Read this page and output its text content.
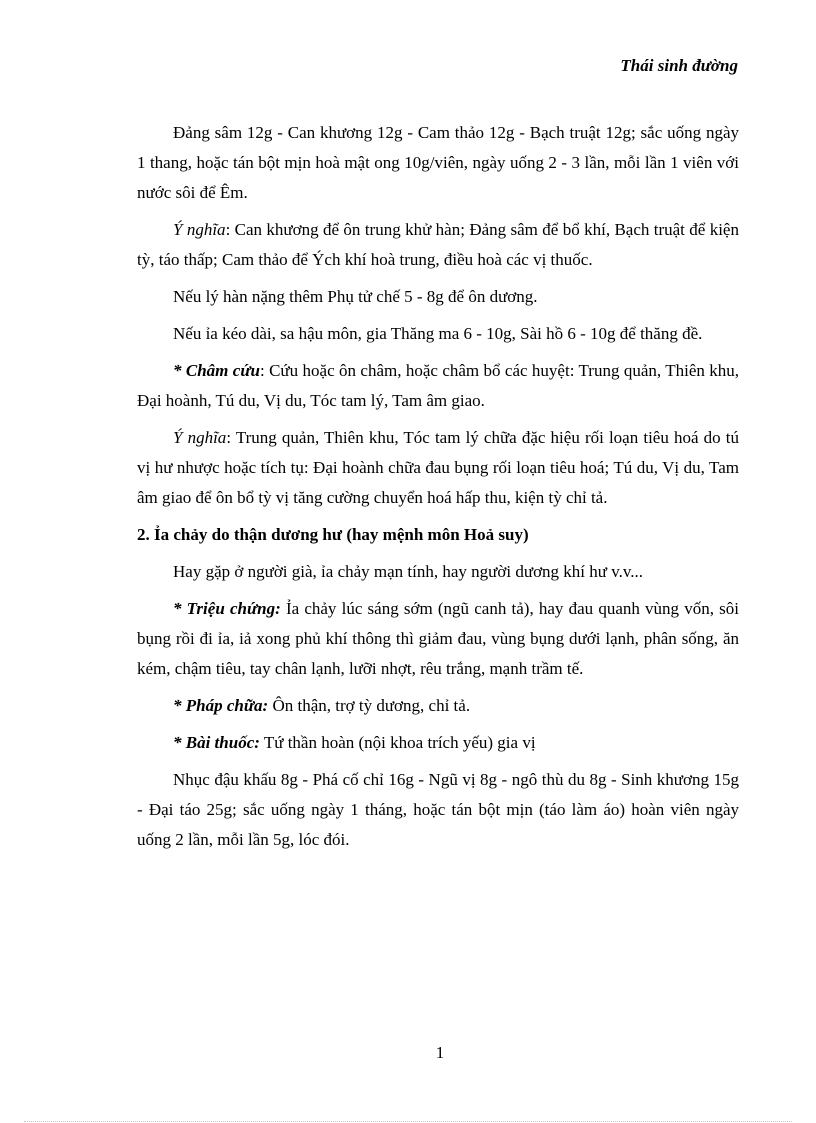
Thái sinh đường

Đảng sâm 12g - Can khương 12g - Cam thảo 12g - Bạch truật 12g; sắc uống ngày 1 thang, hoặc tán bột mịn hoà mật ong 10g/viên, ngày uống 2 - 3 lần, mỗi lần 1 viên với nước sôi để Êm.

Ý nghĩa: Can khương để ôn trung khử hàn; Đảng sâm để bổ khí, Bạch truật để kiện tỳ, táo thấp; Cam thảo để Ých khí hoà trung, điều hoà các vị thuốc.

Nếu lý hàn nặng thêm Phụ tử chế 5 - 8g để ôn dương.

Nếu ỉa kéo dài, sa hậu môn, gia Thăng ma 6 - 10g, Sài hồ 6 - 10g để thăng đề.

* Châm cứu: Cứu hoặc ôn châm, hoặc châm bổ các huyệt: Trung quản, Thiên khu, Đại hoành, Tú du, Vị du, Tóc tam lý, Tam âm giao.

Ý nghĩa: Trung quản, Thiên khu, Tóc tam lý chữa đặc hiệu rối loạn tiêu hoá do tú vị hư nhược hoặc tích tụ: Đại hoành chữa đau bụng rối loạn tiêu hoá; Tú du, Vị du, Tam âm giao để ôn bổ tỳ vị tăng cường chuyển hoá hấp thu, kiện tỳ chỉ tả.

2. Ỉa chảy do thận dương hư (hay mệnh môn Hoả suy)

Hay gặp ở người già, ỉa chảy mạn tính, hay người dương khí hư v.v...

* Triệu chứng: Ỉa chảy lúc sáng sớm (ngũ canh tả), hay đau quanh vùng vốn, sôi bụng rồi đi ỉa, iả xong phủ khí thông thì giảm đau, vùng bụng dưới lạnh, phân sống, ăn kém, chậm tiêu, tay chân lạnh, lưỡi nhợt, rêu trắng, mạnh trầm tế.

* Pháp chữa: Ôn thận, trợ tỳ dương, chỉ tả.

* Bài thuốc: Tứ thần hoàn (nội khoa trích yếu) gia vị

Nhục đậu khấu 8g - Phá cố chỉ 16g - Ngũ vị 8g - ngô thù du 8g - Sinh khương 15g - Đại táo 25g; sắc uống ngày 1 tháng, hoặc tán bột mịn (táo làm áo) hoàn viên ngày uống 2 lần, mỗi lần 5g, lóc đói.

1
